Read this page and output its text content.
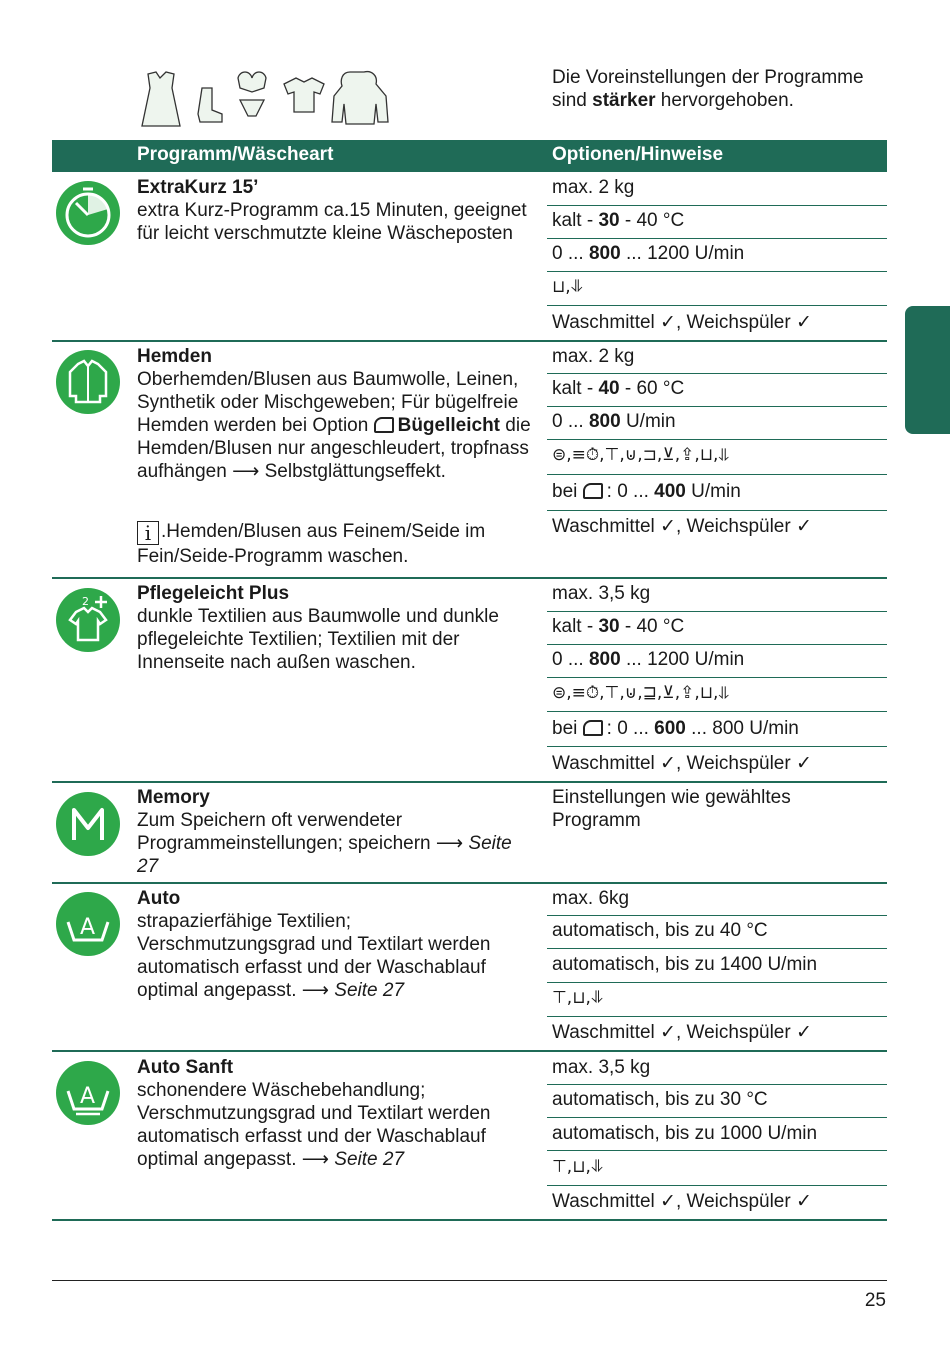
Die Voreinstellungen der Programme sind stärker hervorgehoben.
Programm/Wäscheart	Optionen/Hinweise
ExtraKurz 15’
extra Kurz-Programm ca.15 Minuten, geeignet für leicht verschmutzte kleine Wäscheposten
max. 2 kg
kalt - 30 - 40 °C
0 ... 800 ... 1200 U/min
⊔,⥥
Waschmittel ✓, Weichspüler ✓
Hemden
Oberhemden/Blusen aus Baumwolle, Leinen, Synthetik oder Mischgeweben; Für bügelfreie Hemden werden bei Option Bügelleicht die Hemden/Blusen nur angeschleudert, tropfnass aufhängen ⟶ Selbstglättungseffekt.
i .Hemden/Blusen aus Feinem/Seide im Fein/Seide-Programm waschen.
max. 2 kg
kalt - 40 - 60 °C
0 ... 800 U/min
⊜,≡⏱,⊤,⊍,⊐,⊻,⇪,⊔,⥥
bei : 0 ... 400 U/min
Waschmittel ✓, Weichspüler ✓
2	Pflegeleicht Plus
dunkle Textilien aus Baumwolle und dunkle pflegeleichte Textilien; Textilien mit der Innenseite nach außen waschen.
max. 3,5 kg
kalt - 30 - 40 °C
0 ... 800 ... 1200 U/min
⊜,≡⏱,⊤,⊍,⊒,⊻,⇪,⊔,⥥
bei : 0 ... 600 ... 800 U/min
Waschmittel ✓, Weichspüler ✓
Memory
Zum Speichern oft verwendeter Programmeinstellungen; speichern ⟶ Seite 27
Einstellungen wie gewähltes Programm
A
Auto
strapazierfähige Textilien; Verschmutzungsgrad und Textilart werden automatisch erfasst und der Waschablauf optimal angepasst. ⟶ Seite 27
max. 6kg
automatisch, bis zu 40 °C
automatisch, bis zu 1400 U/min
⊤,⊔,⥥
Waschmittel ✓, Weichspüler ✓
A
Auto Sanft
schonendere Wäschebehandlung; Verschmutzungsgrad und Textilart werden automatisch erfasst und der Waschablauf optimal angepasst. ⟶ Seite 27
max. 3,5 kg
automatisch, bis zu 30 °C
automatisch, bis zu 1000 U/min
⊤,⊔,⥥
Waschmittel ✓, Weichspüler ✓
25
